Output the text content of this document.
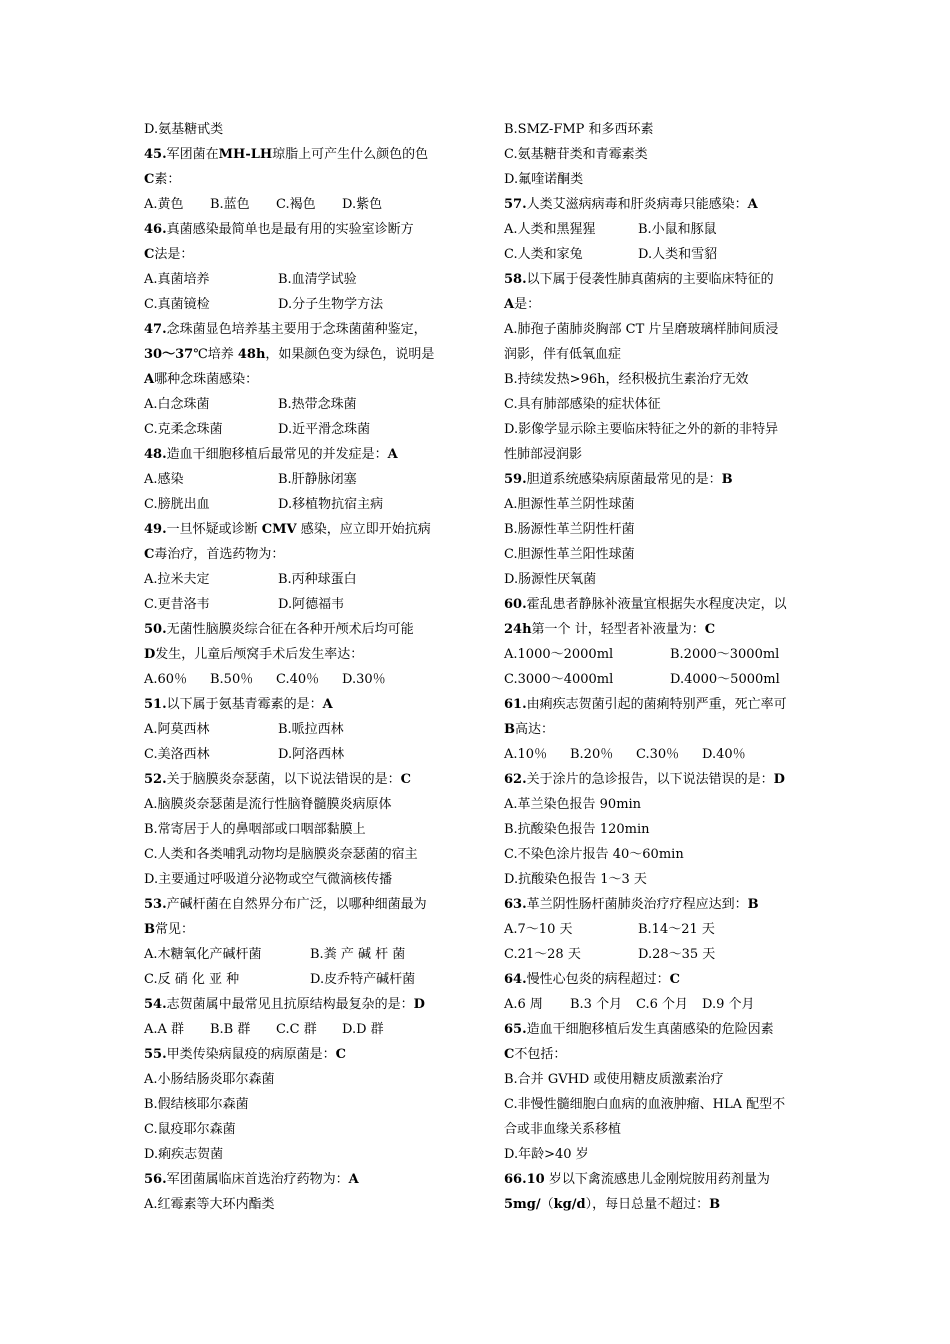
D.氨基糖甙类
45.军团菌在MH-LH琼脂上可产生什么颜色的色
C素：
A.黄色	B.蓝色	C.褐色	D.紫色
46.真菌感染最简单也是最有用的实验室诊断方
C法是：
A.真菌培养	B.血清学试验
C.真菌镜检	D.分子生物学方法
47.念珠菌显色培养基主要用于念珠菌菌种鉴定，
30～37℃培养 48h，如果颜色变为绿色，说明是
A哪种念珠菌感染：
A.白念珠菌	B.热带念珠菌
C.克柔念珠菌	D.近平滑念珠菌
48.造血干细胞移植后最常见的并发症是：A
A.感染	B.肝静脉闭塞
C.膀胱出血	D.移植物抗宿主病
49.一旦怀疑或诊断 CMV 感染，应立即开始抗病
C毒治疗，首选药物为：
A.拉米夫定	B.丙种球蛋白
C.更昔洛韦	D.阿德福韦
50.无菌性脑膜炎综合征在各种开颅术后均可能
D发生，儿童后颅窝手术后发生率达：
A.60％	B.50％	C.40％	D.30％
51.以下属于氨基青霉素的是：A
A.阿莫西林	B.哌拉西林
C.美洛西林	D.阿洛西林
52.关于脑膜炎奈瑟菌，以下说法错误的是：C
A.脑膜炎奈瑟菌是流行性脑脊髓膜炎病原体
B.常寄居于人的鼻咽部或口咽部黏膜上
C.人类和各类哺乳动物均是脑膜炎奈瑟菌的宿主
D.主要通过呼吸道分泌物或空气微滴核传播
53.产碱杆菌在自然界分布广泛，以哪种细菌最为
B常见：
A.木糖氧化产碱杆菌	B.粪 产 碱 杆 菌
C.反 硝 化 亚 种	D.皮乔特产碱杆菌
54.志贺菌属中最常见且抗原结构最复杂的是：D
A.A 群	B.B 群	C.C 群	D.D 群
55.甲类传染病鼠疫的病原菌是：C
A.小肠结肠炎耶尔森菌
B.假结核耶尔森菌
C.鼠疫耶尔森菌
D.痢疾志贺菌
56.军团菌属临床首选治疗药物为：A
A.红霉素等大环内酯类
B.SMZ-FMP 和多西环素
C.氨基糖苷类和青霉素类
D.氟喹诺酮类
57.人类艾滋病病毒和肝炎病毒只能感染：A
A.人类和黑猩猩	B.小鼠和豚鼠
C.人类和家兔	D.人类和雪貂
58.以下属于侵袭性肺真菌病的主要临床特征的
A是：
A.肺孢子菌肺炎胸部 CT 片呈磨玻璃样肺间质浸
润影，伴有低氧血症
B.持续发热>96h，经积极抗生素治疗无效
C.具有肺部感染的症状体征
D.影像学显示除主要临床特征之外的新的非特异
性肺部浸润影
59.胆道系统感染病原菌最常见的是：B
A.胆源性革兰阴性球菌
B.肠源性革兰阴性杆菌
C.胆源性革兰阳性球菌
D.肠源性厌氧菌
60.霍乱患者静脉补液量宜根据失水程度决定，以
24h第一个 计，轻型者补液量为：C
A.1000～2000ml	B.2000～3000ml
C.3000～4000ml	D.4000～5000ml
61.由痢疾志贺菌引起的菌痢特别严重，死亡率可
B高达：
A.10％	B.20％	C.30％	D.40％
62.关于涂片的急诊报告，以下说法错误的是：D
A.革兰染色报告 90min
B.抗酸染色报告 120min
C.不染色涂片报告 40～60min
D.抗酸染色报告 1～3 天
63.革兰阴性肠杆菌肺炎治疗疗程应达到：B
A.7～10 天	B.14～21 天
C.21～28 天	D.28～35 天
64.慢性心包炎的病程超过：C
A.6 周	B.3 个月	C.6 个月	D.9 个月
65.造血干细胞移植后发生真菌感染的危险因素
C不包括：
B.合并 GVHD 或使用糖皮质激素治疗
C.非慢性髓细胞白血病的血液肿瘤、HLA 配型不
合或非血缘关系移植
D.年龄>40 岁
66.10 岁以下禽流感患儿金刚烷胺用药剂量为
5mg/（kg/d），每日总量不超过：B
